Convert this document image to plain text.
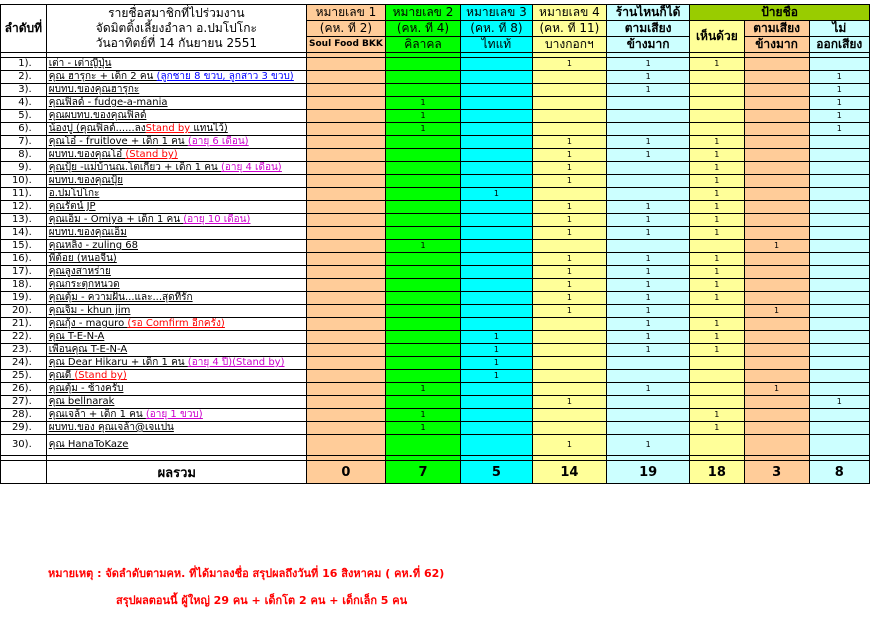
ลำดับที่	รายชื่อสมาชิกที่ไปร่วมงาน
จัดมิตติ้งเลี้ยงอำลา อ.ปมโปโกะ
วันอาทิตย์ที่ 14 กันยายน 2551	หมายเลข 1	หมายเลข 2	หมายเลข 3	หมายเลข 4	ร้านไหนก็ได้	ป้ายชื่อ		
		(คห. ที่ 2)	(คห. ที่ 4)	(คห. ที่ 8)	(คห. ที่ 11)	ตามเสียง	เห็นด้วย	ตามเสียง	ไม่
		Soul Food BKK	คิลาคล	ไทแท้	บางกอกฯ	ข้างมาก		ข้างมาก	ออกเสียง

1).	เต่า - เต่าญี่ปุ่น				1	1	1		
2).	คุณ ฮารุกะ + เด็ก 2 คน (ลูกชาย 8 ขวบ, ลูกสาว 3 ขวบ)					1			1
3).	ผบทบ.ของคุณฮารุกะ					1			1
4).	คุณฟิ้ลด์ - fudge-a-mania		1						1
5).	คุณผบทบ.ของคุณฟิลด์		1						1
6).	น้องปู (คุณฟิลด์......ลงStand by แทนไว้)		1						1
7).	คุณโอ๋ - fruitlove + เด็ก 1 คน (อายุ 6 เดือน)				1	1	1		
8).	ผบทบ.ของคุณโอ๋ (Stand by)				1	1	1		
9).	คุณปุ้ย -แม่บ้านณ.โตเกียว + เด็ก 1 คน (อายุ 4 เดือน)				1		1		
10).	ผบทบ.ของคุณปุ้ย				1		1		
11).	อ.ปมโปโกะ			1			1		
12).	คุณรัตน์ JP				1	1	1		
13).	คุณเอ็ม - Omiya + เด็ก 1 คน (อายุ 10 เดือน)				1	1	1		
14).	ผบทบ.ของคุณเอ็ม				1	1	1		
15).	คุณหลิง - zuling 68		1					1	
16).	พี่ต้อย (หนอจีน)				1	1	1		
17).	คุณลูงสาหร่าย				1	1	1		
18).	คุณกระตุกหนวด				1	1	1		
19).	คุณตุ้ม - ความฝัน...และ...สุดที่รัก				1	1	1		
20).	คุณจิ๋ม - khun jim				1	1		1	
21).	คุณกุ้ง - maguro (รอ Comfirm อีกครั้ง)					1	1		
22).	คุณ T-E-N-A			1		1	1		
23).	เพื่อนคุณ T-E-N-A			1		1	1		
24).	คุณ Dear Hikaru + เด็ก 1 คน (อายุ 4 ปี)(Stand by)			1					
25).	คุณดี้ (Stand by)			1					
26).	คุณตุ้ม - ช้างครับ		1			1		1	
27).	คุณ bellnarak				1				1
28).	คุณเจล้า + เด็ก 1 คน (อายุ 1 ขวบ)		1				1		
29).	ผบทบ.ของ คุณเจล้า@เจแปน		1				1		
30).	คุณ HanaToKaze				1	1			

	ผลรวม	0	7	5	14	19	18	3	8
หมายเหตุ : จัดลำดับตามคห. ที่ได้มาลงชื่อ สรุปผลถึงวันที่ 16 สิงหาคม ( คห.ที่ 62)
สรุปผลตอนนี้ ผู้ใหญ่ 29 คน + เด็กโต 2 คน + เด็กเล็ก 5 คน
